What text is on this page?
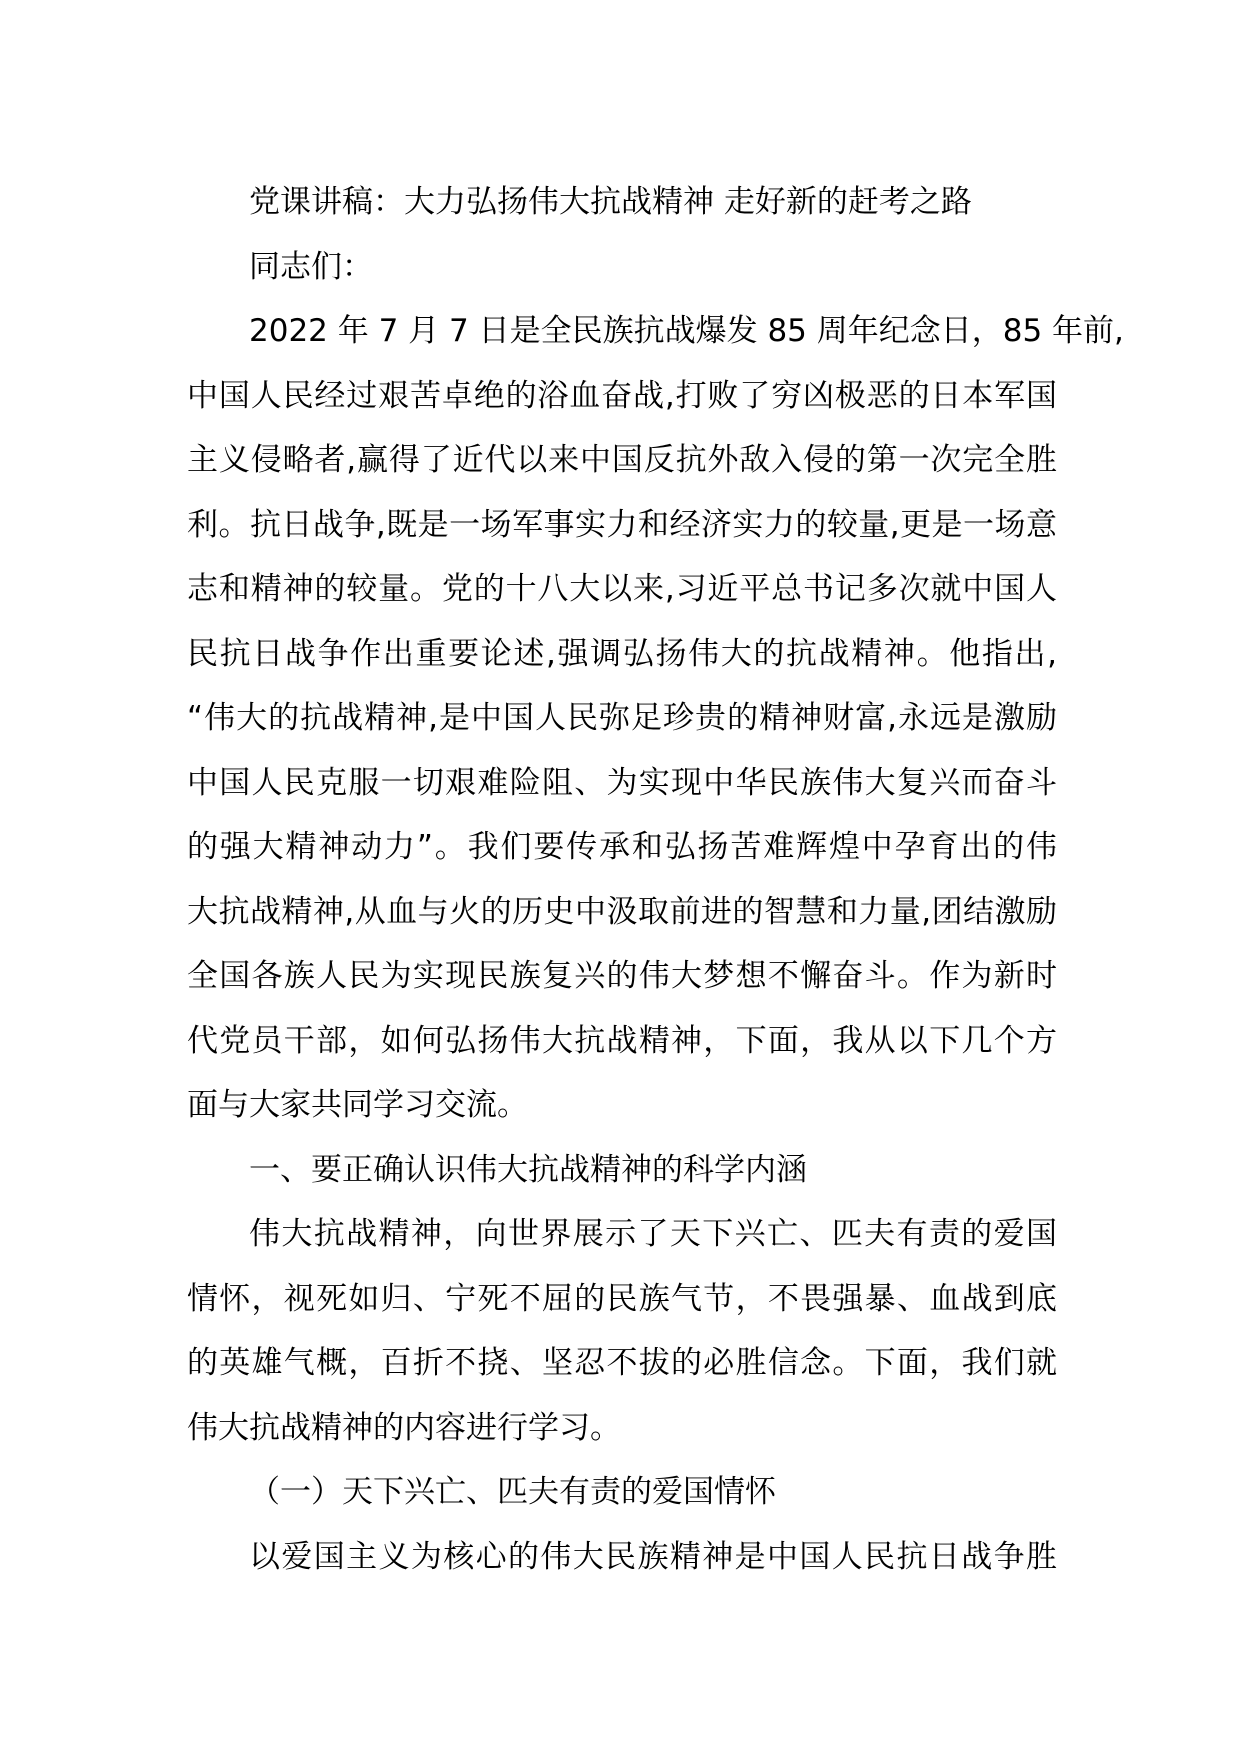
党课讲稿：大力弘扬伟大抗战精神 走好新的赶考之路
同志们：
2022 年 7 月 7 日是全民族抗战爆发 85 周年纪念日，85 年前,
中国人民经过艰苦卓绝的浴血奋战,打败了穷凶极恶的日本军国
主义侵略者,赢得了近代以来中国反抗外敌入侵的第一次完全胜
利。抗日战争,既是一场军事实力和经济实力的较量,更是一场意
志和精神的较量。党的十八大以来,习近平总书记多次就中国人
民抗日战争作出重要论述,强调弘扬伟大的抗战精神。他指出,
“伟大的抗战精神,是中国人民弥足珍贵的精神财富,永远是激励
中国人民克服一切艰难险阻、为实现中华民族伟大复兴而奋斗
的强大精神动力”。我们要传承和弘扬苦难辉煌中孕育出的伟
大抗战精神,从血与火的历史中汲取前进的智慧和力量,团结激励
全国各族人民为实现民族复兴的伟大梦想不懈奋斗。作为新时
代党员干部，如何弘扬伟大抗战精神，下面，我从以下几个方
面与大家共同学习交流。
一、要正确认识伟大抗战精神的科学内涵
伟大抗战精神，向世界展示了天下兴亡、匹夫有责的爱国
情怀，视死如归、宁死不屈的民族气节，不畏强暴、血战到底
的英雄气概，百折不挠、坚忍不拔的必胜信念。下面，我们就
伟大抗战精神的内容进行学习。
（一）天下兴亡、匹夫有责的爱国情怀
以爱国主义为核心的伟大民族精神是中国人民抗日战争胜
